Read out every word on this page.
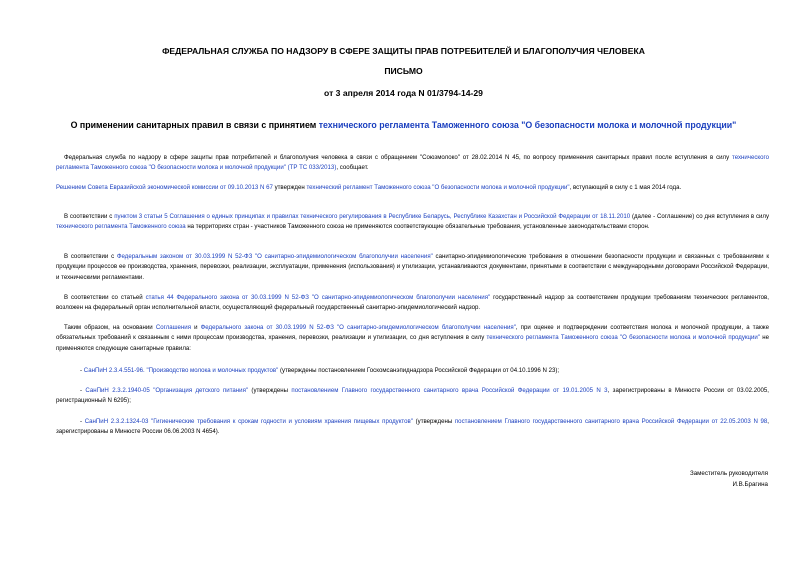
ФЕДЕРАЛЬНАЯ СЛУЖБА ПО НАДЗОРУ В СФЕРЕ ЗАЩИТЫ ПРАВ ПОТРЕБИТЕЛЕЙ И БЛАГОПОЛУЧИЯ ЧЕЛОВЕКА
ПИСЬМО
от 3 апреля 2014 года N 01/3794-14-29
О применении санитарных правил в связи с принятием технического регламента Таможенного союза "О безопасности молока и молочной продукции"
Федеральная служба по надзору в сфере защиты прав потребителей и благополучия человека в связи с обращением "Союзмолоко" от 28.02.2014 N 45, по вопросу применения санитарных правил после вступления в силу технического регламента Таможенного союза "О безопасности молока и молочной продукции" (ТР ТС 033/2013), сообщает.
Решением Совета Евразийской экономической комиссии от 09.10.2013 N 67 утвержден технический регламент Таможенного союза "О безопасности молока и молочной продукции", вступающий в силу с 1 мая 2014 года.
В соответствии с пунктом 3 статьи 5 Соглашения о единых принципах и правилах технического регулирования в Республике Беларусь, Республике Казахстан и Российской Федерации от 18.11.2010 (далее - Соглашение) со дня вступления в силу технического регламента Таможенного союза на территориях стран - участников Таможенного союза не применяются соответствующие обязательные требования, установленные законодательствами сторон.
В соответствии с Федеральным законом от 30.03.1999 N 52-ФЗ "О санитарно-эпидемиологическом благополучии населения" санитарно-эпидемиологические требования в отношении безопасности продукции и связанных с требованиями к продукции процессов ее производства, хранения, перевозки, реализации, эксплуатации, применения (использования) и утилизации, устанавливаются документами, принятыми в соответствии с международными договорами Российской Федерации, и техническими регламентами.
В соответствии со статьей статья 44 Федерального закона от 30.03.1999 N 52-ФЗ "О санитарно-эпидемиологическом благополучии населения" государственный надзор за соответствием продукции требованиям технических регламентов, возложен на федеральный орган исполнительной власти, осуществляющий федеральный государственный санитарно-эпидемиологический надзор.
Таким образом, на основании Соглашения и Федерального закона от 30.03.1999 N 52-ФЗ "О санитарно-эпидемиологическом благополучии населения", при оценке и подтверждении соответствия молока и молочной продукции, а также обязательных требований к связанным с ними процессам производства, хранения, перевозки, реализации и утилизации, со дня вступления в силу технического регламента Таможенного союза "О безопасности молока и молочной продукции" не применяются следующие санитарные правила:
- СанПиН 2.3.4.551-96. "Производство молока и молочных продуктов" (утверждены постановлением Госкомсанэпиднадзора Российской Федерации от 04.10.1996 N 23);
- СанПиН 2.3.2.1940-05 "Организация детского питания" (утверждены постановлением Главного государственного санитарного врача Российской Федерации от 19.01.2005 N 3, зарегистрированы в Минюсте России от 03.02.2005, регистрационный N 6295);
- СанПиН 2.3.2.1324-03 "Гигиенические требования к срокам годности и условиям хранения пищевых продуктов" (утверждены постановлением Главного государственного санитарного врача Российской Федерации от 22.05.2003 N 98, зарегистрированы в Минюсте России 06.06.2003 N 4654).
Заместитель руководителя
И.В.Брагина
